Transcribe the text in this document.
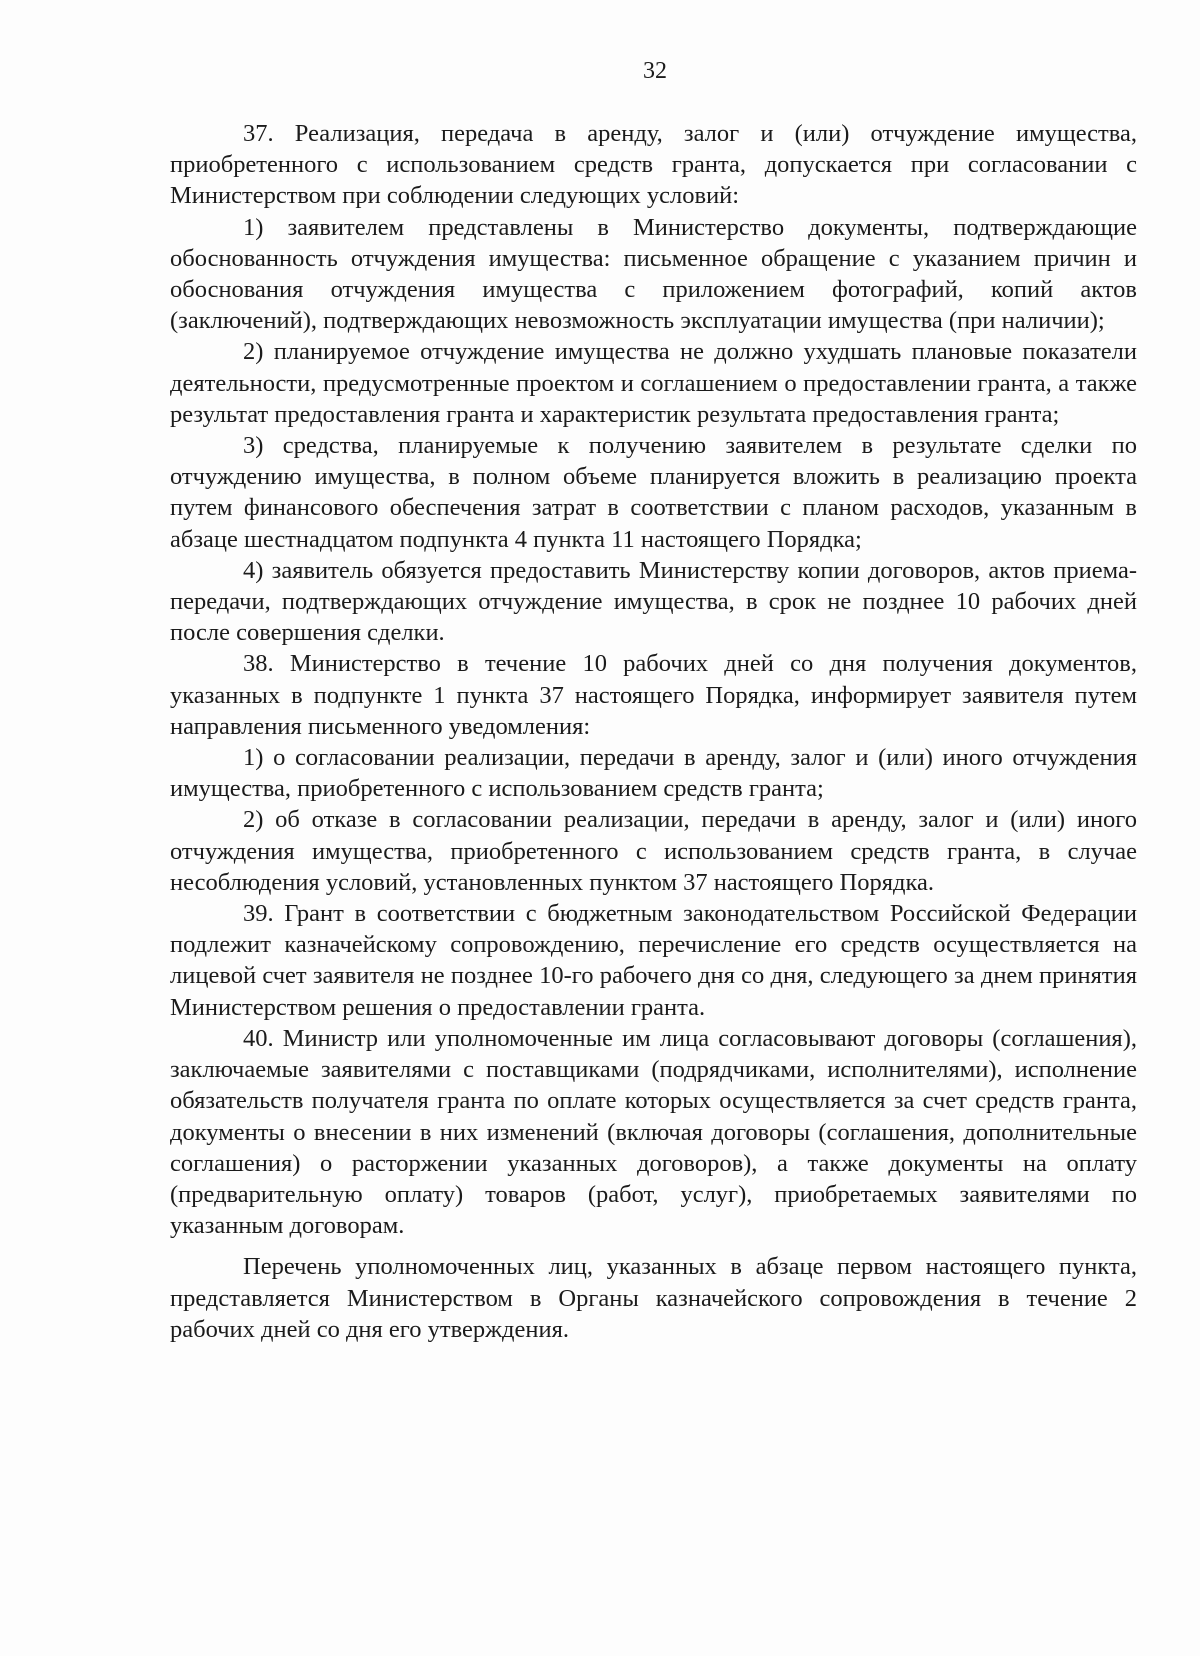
32

37. Реализация, передача в аренду, залог и (или) отчуждение имущества, приобретенного с использованием средств гранта, допускается при согласовании с Министерством при соблюдении следующих условий:

1) заявителем представлены в Министерство документы, подтверждающие обоснованность отчуждения имущества: письменное обращение с указанием причин и обоснования отчуждения имущества с приложением фотографий, копий актов (заключений), подтверждающих невозможность эксплуатации имущества (при наличии);

2) планируемое отчуждение имущества не должно ухудшать плановые показатели деятельности, предусмотренные проектом и соглашением о предоставлении гранта, а также результат предоставления гранта и характеристик результата предоставления гранта;

3) средства, планируемые к получению заявителем в результате сделки по отчуждению имущества, в полном объеме планируется вложить в реализацию проекта путем финансового обеспечения затрат в соответствии с планом расходов, указанным в абзаце шестнадцатом подпункта 4 пункта 11 настоящего Порядка;

4) заявитель обязуется предоставить Министерству копии договоров, актов приема-передачи, подтверждающих отчуждение имущества, в срок не позднее 10 рабочих дней после совершения сделки.

38. Министерство в течение 10 рабочих дней со дня получения документов, указанных в подпункте 1 пункта 37 настоящего Порядка, информирует заявителя путем направления письменного уведомления:

1) о согласовании реализации, передачи в аренду, залог и (или) иного отчуждения имущества, приобретенного с использованием средств гранта;

2) об отказе в согласовании реализации, передачи в аренду, залог и (или) иного отчуждения имущества, приобретенного с использованием средств гранта, в случае несоблюдения условий, установленных пунктом 37 настоящего Порядка.

39. Грант в соответствии с бюджетным законодательством Российской Федерации подлежит казначейскому сопровождению, перечисление его средств осуществляется на лицевой счет заявителя не позднее 10-го рабочего дня со дня, следующего за днем принятия Министерством решения о предоставлении гранта.

40. Министр или уполномоченные им лица согласовывают договоры (соглашения), заключаемые заявителями с поставщиками (подрядчиками, исполнителями), исполнение обязательств получателя гранта по оплате которых осуществляется за счет средств гранта, документы о внесении в них изменений (включая договоры (соглашения, дополнительные соглашения) о расторжении указанных договоров), а также документы на оплату (предварительную оплату) товаров (работ, услуг), приобретаемых заявителями по указанным договорам.

Перечень уполномоченных лиц, указанных в абзаце первом настоящего пункта, представляется Министерством в Органы казначейского сопровождения в течение 2 рабочих дней со дня его утверждения.
